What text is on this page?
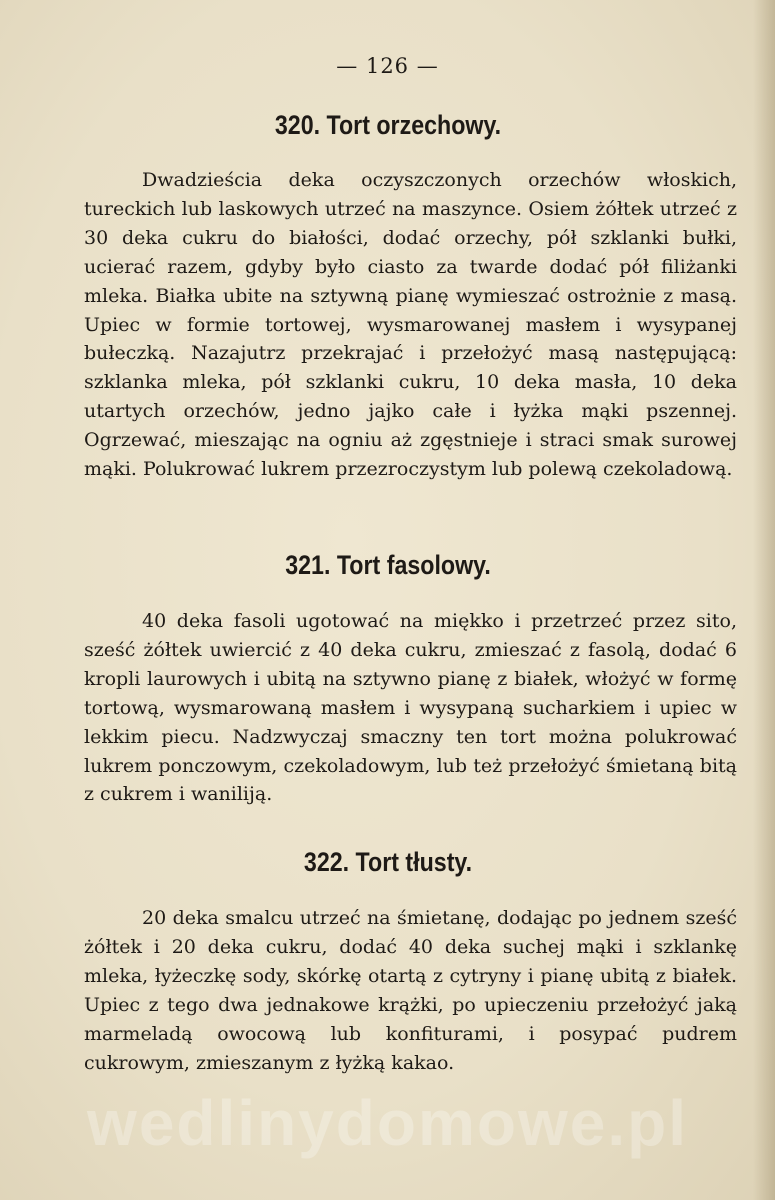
— 126 —
320. Tort orzechowy.

Dwadzieścia deka oczyszczonych orzechów włoskich, tureckich lub laskowych utrzeć na maszynce. Osiem żółtek utrzeć z 30 deka cukru do białości, dodać orzechy, pół szklanki bułki, ucierać razem, gdyby było ciasto za twarde dodać pół filiżanki mleka. Białka ubite na sztywną pianę wymieszać ostrożnie z masą. Upiec w formie tortowej, wysmarowanej masłem i wysypanej bułeczką. Nazajutrz przekrajać i przełożyć masą następującą: szklanka mleka, pół szklanki cukru, 10 deka masła, 10 deka utartych orzechów, jedno jajko całe i łyżka mąki pszennej. Ogrzewać, mieszając na ogniu aż zgęstnieje i straci smak surowej mąki. Polukrować lukrem przezroczystym lub polewą czekoladową.

321. Tort fasolowy.

40 deka fasoli ugotować na miękko i przetrzeć przez sito, sześć żółtek uwiercić z 40 deka cukru, zmieszać z fasolą, dodać 6 kropli laurowych i ubitą na sztywno pianę z białek, włożyć w formę tortową, wysmarowaną masłem i wysypaną sucharkiem i upiec w lekkim piecu. Nadzwyczaj smaczny ten tort można polukrować lukrem ponczowym, czekoladowym, lub też przełożyć śmietaną bitą z cukrem i waniliją.

322. Tort tłusty.

20 deka smalcu utrzeć na śmietanę, dodając po jednem sześć żółtek i 20 deka cukru, dodać 40 deka suchej mąki i szklankę mleka, łyżeczkę sody, skórkę otartą z cytryny i pianę ubitą z białek. Upiec z tego dwa jednakowe krążki, po upieczeniu przełożyć jaką marmeladą owocową lub konfiturami, i posypać pudrem cukrowym, zmieszanym z łyżką kakao.

wedlinydomowe.pl
